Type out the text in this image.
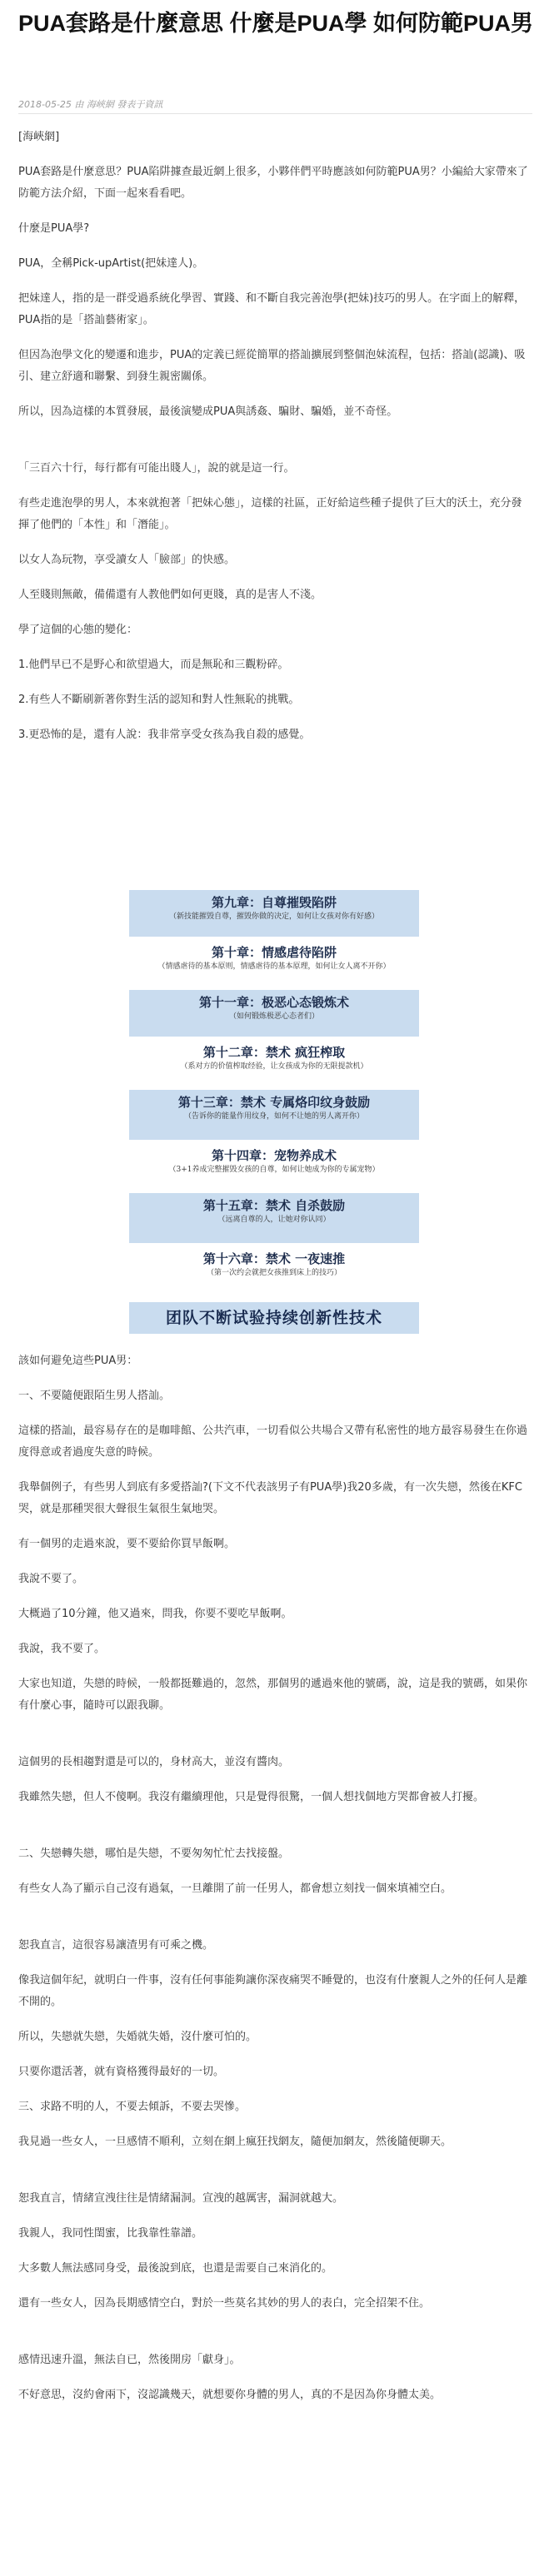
PUA套路是什麼意思 什麼是PUA學 如何防範PUA男
2018-05-25 由 海峽網 發表于資訊

[海峽網]

PUA套路是什麼意思？PUA陷阱據查最近網上很多，小夥伴們平時應該如何防範PUA男？小編給大家帶來了防範方法介紹，下面一起來看看吧。

什麼是PUA學?

PUA，全稱Pick-upArtist(把妹達人)。

把妹達人，指的是一群受過系統化學習、實踐、和不斷自我完善泡學(把妹)技巧的男人。在字面上的解釋，PUA指的是「搭訕藝術家」。

但因為泡學文化的變遷和進步，PUA的定義已經從簡單的搭訕擴展到整個泡妹流程，包括：搭訕(認識)、吸引、建立舒適和聯繫、到發生親密關係。

所以，因為這樣的本質發展，最後演變成PUA與誘姦、騙財、騙婚，並不奇怪。

「三百六十行，每行都有可能出賤人」，說的就是這一行。

有些走進泡學的男人，本來就抱著「把妹心態」，這樣的社區，正好給這些種子提供了巨大的沃土，充分發揮了他們的「本性」和「潛能」。

以女人為玩物，享受讀女人「臉部」的快感。

人至賤則無敵，備備還有人教他們如何更賤，真的是害人不淺。

學了這個的心態的變化：

1.他們早已不是野心和欲望過大，而是無恥和三觀粉碎。

2.有些人不斷刷新著你對生活的認知和對人性無恥的挑戰。

3.更恐怖的是，還有人說：我非常享受女孩為我自殺的感覺。

第九章：自尊摧毁陷阱
（新技能摧毁自尊，摧毁你做的决定，如何让女孩对你有好感）
第十章：情感虐待陷阱
（情感虐待的基本原则，情感虐待的基本原理，如何让女人离不开你）
第十一章：极恶心态锻炼术
（如何锻炼极恶心态者们）
第十二章：禁术 疯狂榨取
（系对方的价值榨取经验，让女孩成为你的无限提款机）
第十三章：禁术 专属烙印纹身鼓励
（告诉你的能量作用纹身，如何不让她的男人离开你）
第十四章：宠物养成术
（3+1养成完整摧毁女孩的自尊，如何让她成为你的专属宠物）
第十五章：禁术 自杀鼓励
（远离自尊的人，让她对你认同）
第十六章：禁术 一夜速推
（第一次约会就把女孩推到床上的技巧）
团队不断试验持续创新性技术

該如何避免這些PUA男：

一、不要隨便跟陌生男人搭訕。

這樣的搭訕，最容易存在的是咖啡館、公共汽車，一切看似公共場合又帶有私密性的地方最容易發生在你過度得意或者過度失意的時候。

我舉個例子，有些男人到底有多愛搭訕?(下文不代表該男子有PUA學)我20多歲，有一次失戀，然後在KFC哭，就是那種哭很大聲很生氣很生氣地哭。

有一個男的走過來說，要不要給你買早飯啊。

我說不要了。

大概過了10分鐘，他又過來，問我，你要不要吃早飯啊。

我說，我不要了。

大家也知道，失戀的時候，一般都挺難過的，忽然，那個男的遞過來他的號碼，說，這是我的號碼，如果你有什麼心事，隨時可以跟我聊。

這個男的長相趨對還是可以的，身材高大，並沒有醬肉。

我雖然失戀，但人不傻啊。我沒有繼續理他，只是覺得很驚，一個人想找個地方哭都會被人打擾。

二、失戀轉失戀，哪怕是失戀，不要匆匆忙忙去找接盤。

有些女人為了顯示自己沒有過氣，一旦離開了前一任男人，都會想立刻找一個來填補空白。

恕我直言，這很容易讓渣男有可乘之機。

像我這個年紀，就明白一件事，沒有任何事能夠讓你深夜痛哭不睡覺的，也沒有什麼親人之外的任何人是離不開的。

所以，失戀就失戀，失婚就失婚，沒什麼可怕的。

只要你還活著，就有資格獲得最好的一切。

三、求路不明的人，不要去傾訴，不要去哭慘。

我見過一些女人，一旦感情不順利，立刻在網上瘋狂找網友，隨便加網友，然後隨便聊天。

恕我直言，情緒宣洩往往是情緒漏洞。宣洩的越厲害，漏洞就越大。

我親人，我同性閨蜜，比我靠性靠譜。

大多數人無法感同身受，最後說到底，也還是需要自己來消化的。

還有一些女人，因為長期感情空白，對於一些莫名其妙的男人的表白，完全招架不住。

感情迅速升溫，無法自已，然後開房「獻身」。

不好意思，沒約會兩下，沒認識幾天，就想要你身體的男人，真的不是因為你身體太美。
